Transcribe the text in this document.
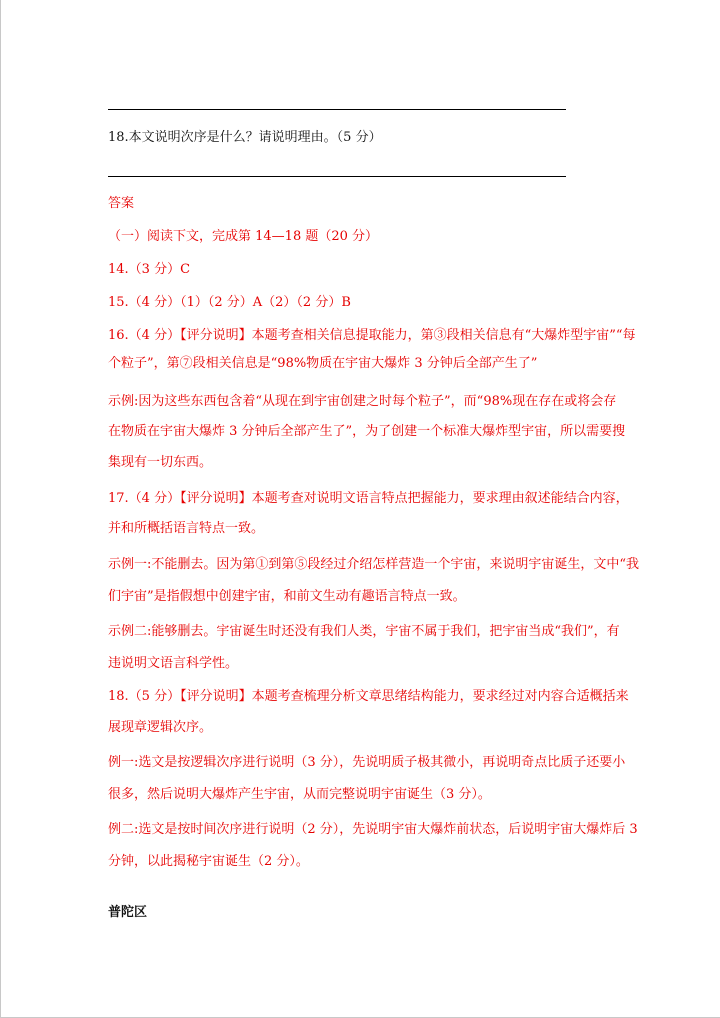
18.本文说明次序是什么？请说明理由。（5 分）
答案
（一）阅读下文，完成第 14—18 题（20 分）
14.（3 分）C
15.（4 分）（1）（2 分）A（2）（2 分）B
16.（4 分）【评分说明】本题考查相关信息提取能力，第③段相关信息有“大爆炸型宇宙”“每
个粒子”，第⑦段相关信息是“98%物质在宇宙大爆炸 3 分钟后全部产生了”
示例:因为这些东西包含着“从现在到宇宙创建之时每个粒子”，而“98%现在存在或将会存
在物质在宇宙大爆炸 3 分钟后全部产生了”，为了创建一个标准大爆炸型宇宙，所以需要搜
集现有一切东西。
17.（4 分）【评分说明】本题考查对说明文语言特点把握能力，要求理由叙述能结合内容，
并和所概括语言特点一致。
示例一:不能删去。因为第①到第⑤段经过介绍怎样营造一个宇宙，来说明宇宙诞生，文中“我
们宇宙”是指假想中创建宇宙，和前文生动有趣语言特点一致。
示例二:能够删去。宇宙诞生时还没有我们人类，宇宙不属于我们，把宇宙当成“我们”，有
违说明文语言科学性。
18.（5 分）【评分说明】本题考查梳理分析文章思绪结构能力，要求经过对内容合适概括来
展现章逻辑次序。
例一:选文是按逻辑次序进行说明（3 分），先说明质子极其微小，再说明奇点比质子还要小
很多，然后说明大爆炸产生宇宙，从而完整说明宇宙诞生（3 分）。
例二:选文是按时间次序进行说明（2 分），先说明宇宙大爆炸前状态，后说明宇宙大爆炸后 3
分钟，以此揭秘宇宙诞生（2 分）。
普陀区
